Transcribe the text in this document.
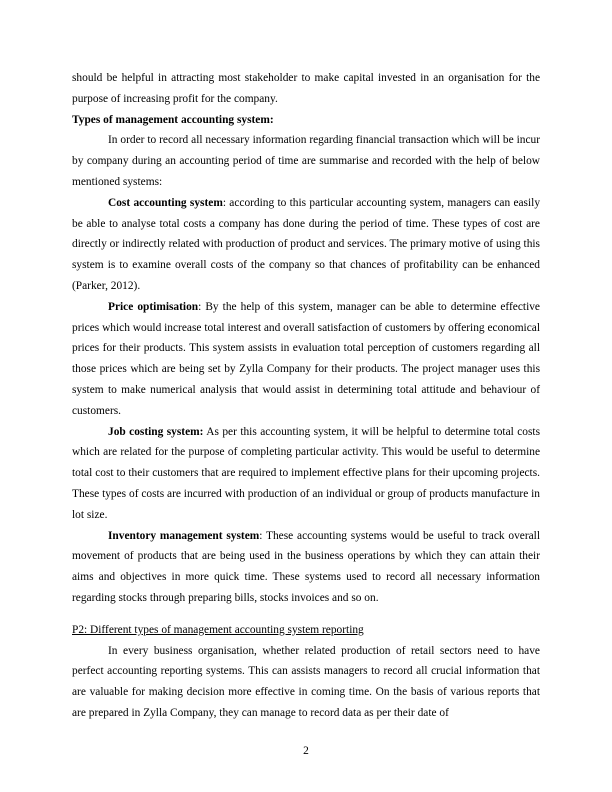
should be helpful in attracting most stakeholder to make capital invested in an organisation for the purpose of increasing profit for the company.

Types of management accounting system:

In order to record all necessary information regarding financial transaction which will be incur by company during an accounting period of time are summarise and recorded with the help of below mentioned systems:

Cost accounting system: according to this particular accounting system, managers can easily be able to analyse total costs a company has done during the period of time. These types of cost are directly or indirectly related with production of product and services. The primary motive of using this system is to examine overall costs of the company so that chances of profitability can be enhanced (Parker, 2012).

Price optimisation: By the help of this system, manager can be able to determine effective prices which would increase total interest and overall satisfaction of customers by offering economical prices for their products. This system assists in evaluation total perception of customers regarding all those prices which are being set by Zylla Company for their products. The project manager uses this system to make numerical analysis that would assist in determining total attitude and behaviour of customers.

Job costing system: As per this accounting system, it will be helpful to determine total costs which are related for the purpose of completing particular activity. This would be useful to determine total cost to their customers that are required to implement effective plans for their upcoming projects. These types of costs are incurred with production of an individual or group of products manufacture in lot size.

Inventory management system: These accounting systems would be useful to track overall movement of products that are being used in the business operations by which they can attain their aims and objectives in more quick time. These systems used to record all necessary information regarding stocks through preparing bills, stocks invoices and so on.

P2: Different types of management accounting system reporting

In every business organisation, whether related production of retail sectors need to have perfect accounting reporting systems. This can assists managers to record all crucial information that are valuable for making decision more effective in coming time. On the basis of various reports that are prepared in Zylla Company, they can manage to record data as per their date of

2
